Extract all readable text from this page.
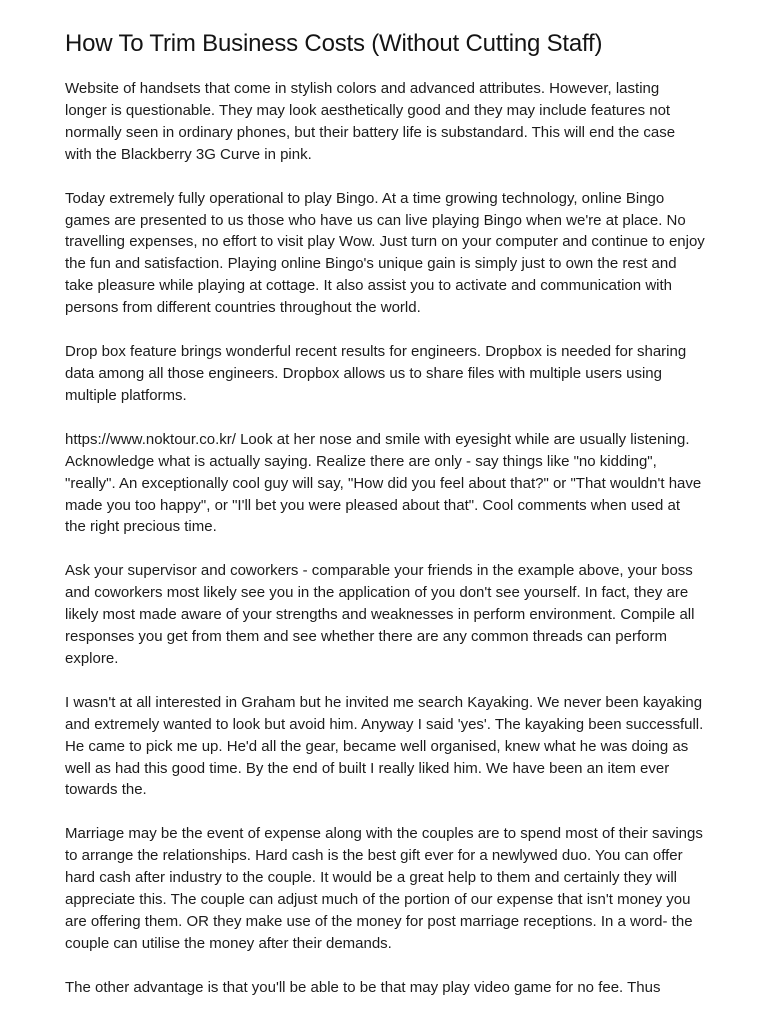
How To Trim Business Costs (Without Cutting Staff)

Website of handsets that come in stylish colors and advanced attributes. However, lasting longer is questionable. They may look aesthetically good and they may include features not normally seen in ordinary phones, but their battery life is substandard. This will end the case with the Blackberry 3G Curve in pink.

Today extremely fully operational to play Bingo. At a time growing technology, online Bingo games are presented to us those who have us can live playing Bingo when we're at place. No travelling expenses, no effort to visit play Wow. Just turn on your computer and continue to enjoy the fun and satisfaction. Playing online Bingo's unique gain is simply just to own the rest and take pleasure while playing at cottage. It also assist you to activate and communication with persons from different countries throughout the world.

Drop box feature brings wonderful recent results for engineers. Dropbox is needed for sharing data among all those engineers. Dropbox allows us to share files with multiple users using multiple platforms.

https://www.noktour.co.kr/ Look at her nose and smile with eyesight while are usually listening. Acknowledge what is actually saying. Realize there are only - say things like "no kidding", "really". An exceptionally cool guy will say, "How did you feel about that?" or "That wouldn't have made you too happy", or "I'll bet you were pleased about that". Cool comments when used at the right precious time.

Ask your supervisor and coworkers - comparable your friends in the example above, your boss and coworkers most likely see you in the application of you don't see yourself. In fact, they are likely most made aware of your strengths and weaknesses in perform environment. Compile all responses you get from them and see whether there are any common threads can perform explore.

I wasn't at all interested in Graham but he invited me search Kayaking. We never been kayaking and extremely wanted to look but avoid him. Anyway I said 'yes'. The kayaking been successfull. He came to pick me up. He'd all the gear, became well organised, knew what he was doing as well as had this good time. By the end of built I really liked him. We have been an item ever towards the.

Marriage may be the event of expense along with the couples are to spend most of their savings to arrange the relationships. Hard cash is the best gift ever for a newlywed duo. You can offer hard cash after industry to the couple. It would be a great help to them and certainly they will appreciate this. The couple can adjust much of the portion of our expense that isn't money you are offering them. OR they make use of the money for post marriage receptions. In a word- the couple can utilise the money after their demands.

The other advantage is that you'll be able to be that may play video game for no fee. Thus
